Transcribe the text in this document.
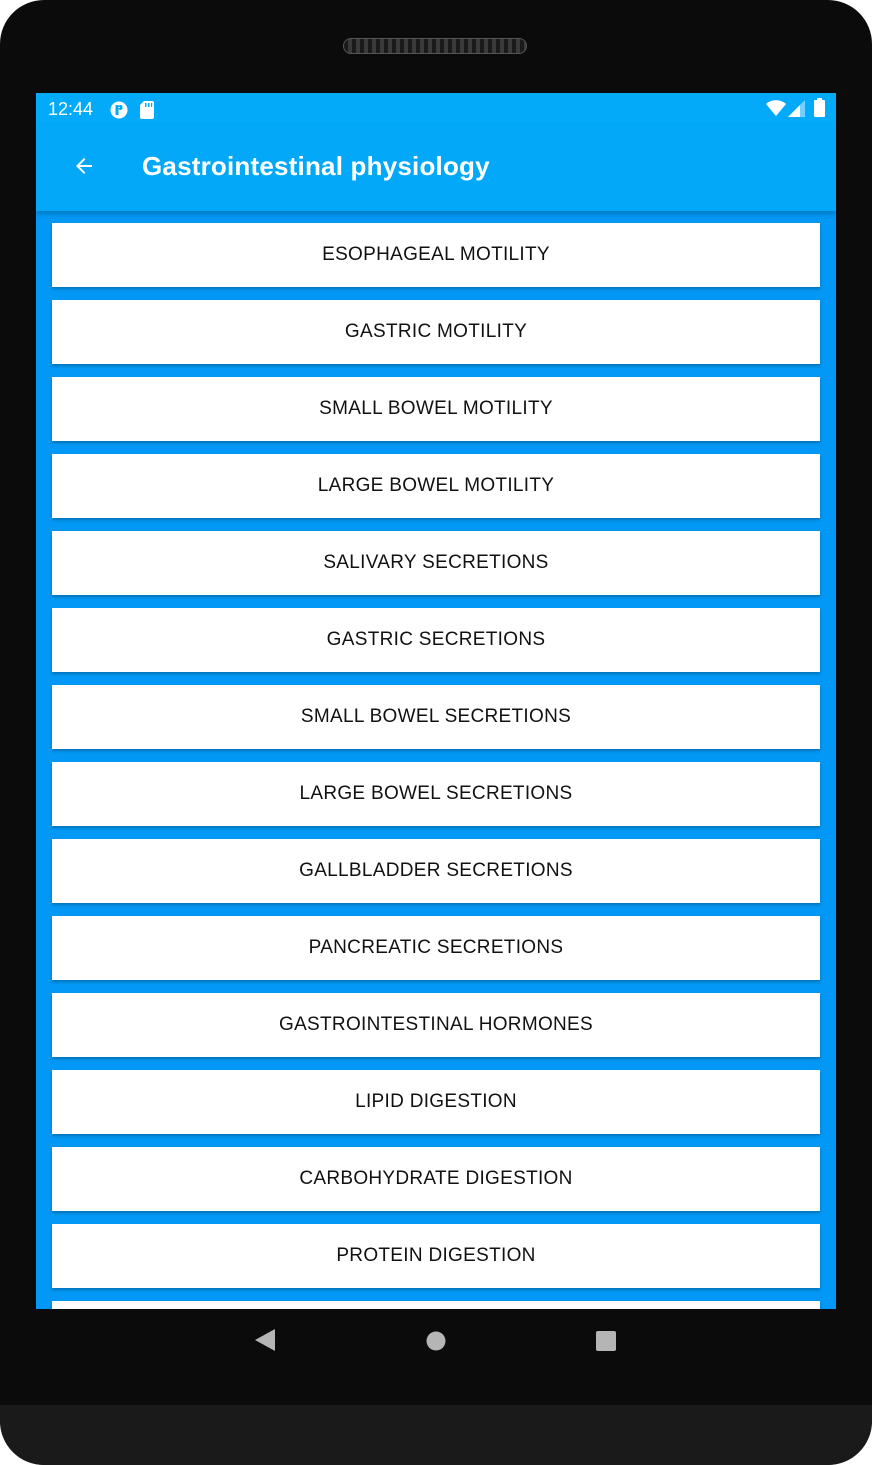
12:44
Gastrointestinal physiology
ESOPHAGEAL MOTILITY
GASTRIC MOTILITY
SMALL BOWEL MOTILITY
LARGE BOWEL MOTILITY
SALIVARY SECRETIONS
GASTRIC SECRETIONS
SMALL BOWEL SECRETIONS
LARGE BOWEL SECRETIONS
GALLBLADDER SECRETIONS
PANCREATIC SECRETIONS
GASTROINTESTINAL HORMONES
LIPID DIGESTION
CARBOHYDRATE DIGESTION
PROTEIN DIGESTION
